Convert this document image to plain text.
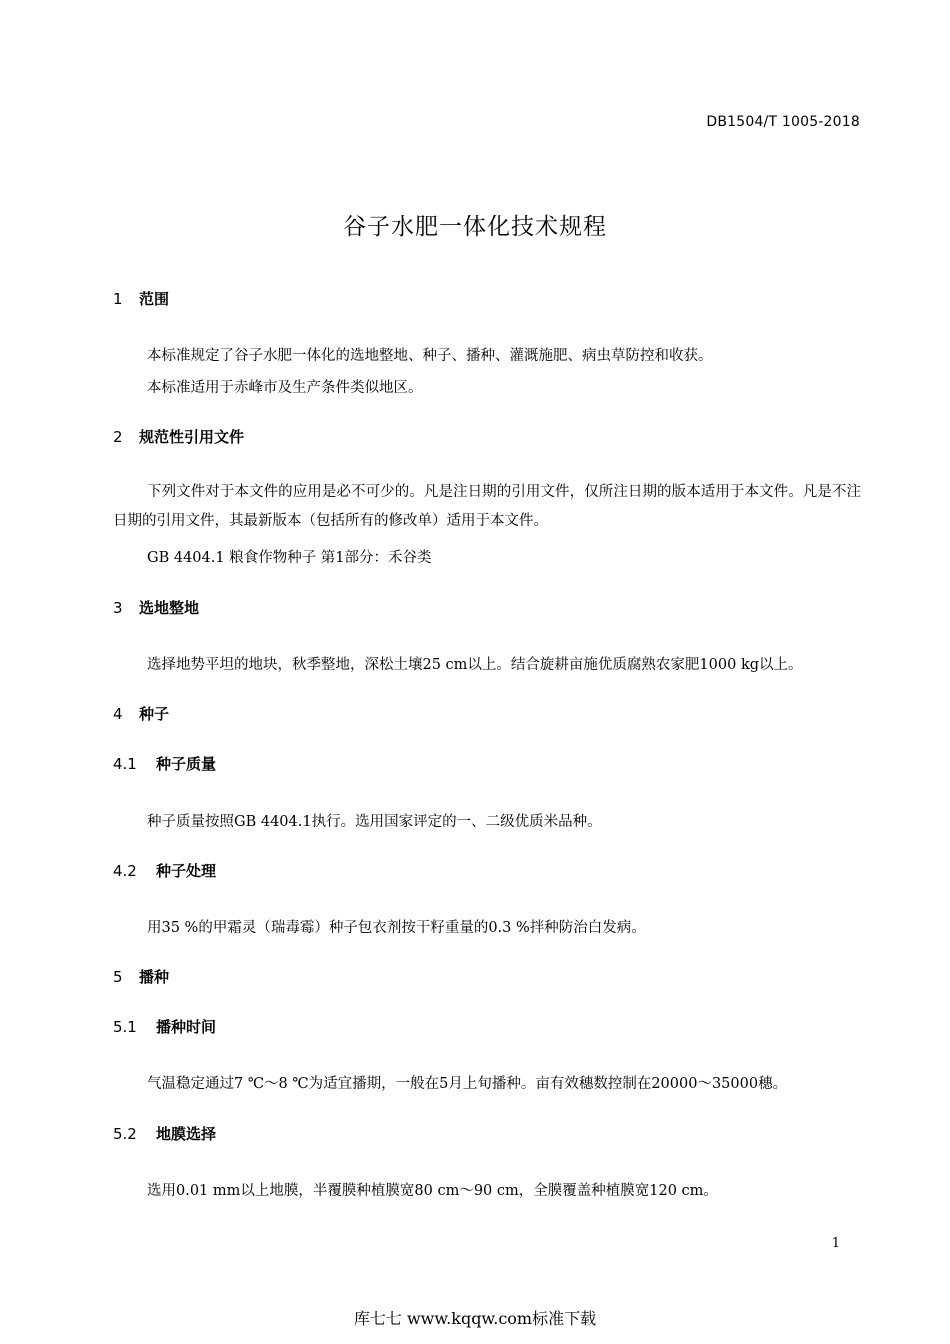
DB1504/T 1005-2018
谷子水肥一体化技术规程
1 范围
本标准规定了谷子水肥一体化的选地整地、种子、播种、灌溉施肥、病虫草防控和收获。
本标准适用于赤峰市及生产条件类似地区。
2 规范性引用文件
下列文件对于本文件的应用是必不可少的。凡是注日期的引用文件，仅所注日期的版本适用于本文件。凡是不注日期的引用文件，其最新版本（包括所有的修改单）适用于本文件。
GB 4404.1 粮食作物种子 第1部分：禾谷类
3 选地整地
选择地势平坦的地块，秋季整地，深松土壤25 cm以上。结合旋耕亩施优质腐熟农家肥1000 kg以上。
4 种子
4.1 种子质量
种子质量按照GB 4404.1执行。选用国家评定的一、二级优质米品种。
4.2 种子处理
用35 %的甲霜灵（瑞毒霉）种子包衣剂按干籽重量的0.3 %拌种防治白发病。
5 播种
5.1 播种时间
气温稳定通过7 ℃～8 ℃为适宜播期，一般在5月上旬播种。亩有效穗数控制在20000～35000穗。
5.2 地膜选择
选用0.01 mm以上地膜，半覆膜种植膜宽80 cm～90 cm，全膜覆盖种植膜宽120 cm。
1
库七七 www.kqqw.com标准下载
